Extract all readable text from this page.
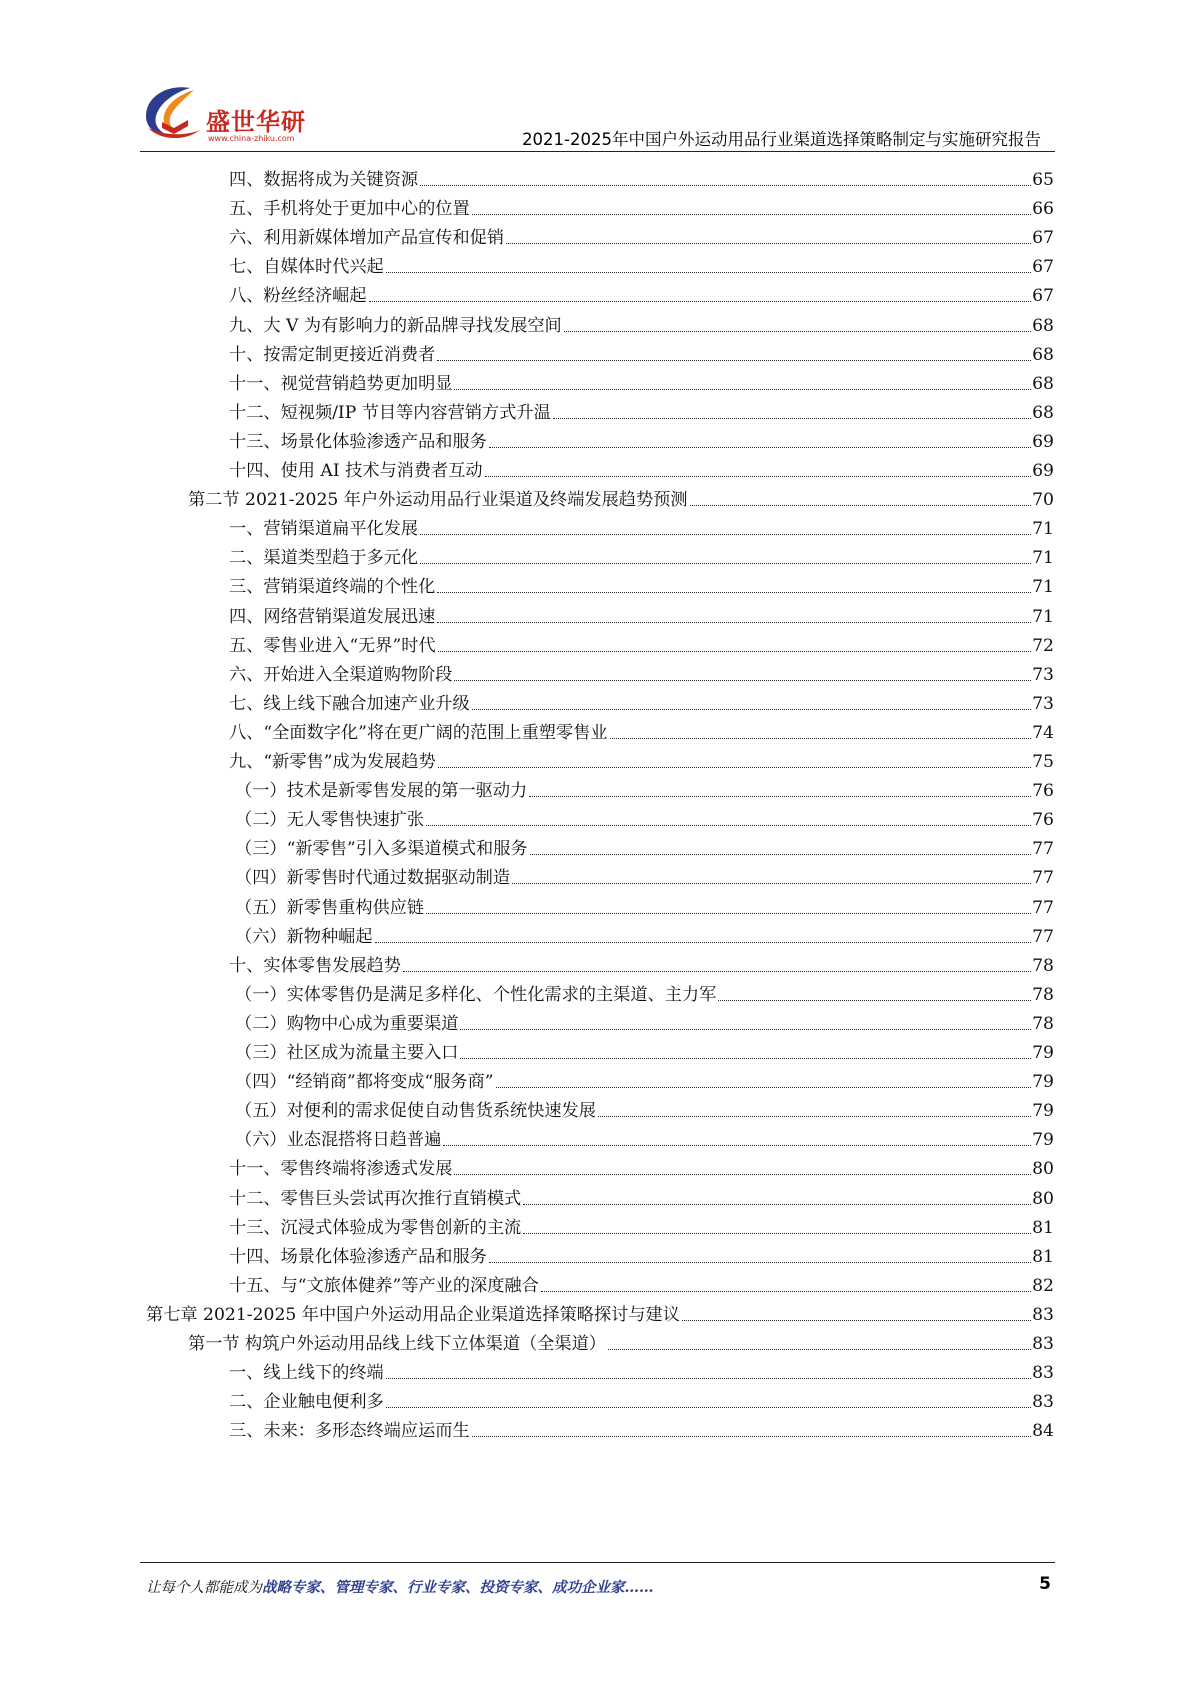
盛世华研
www.china-zhiku.com	2021-2025年中国户外运动用品行业渠道选择策略制定与实施研究报告
四、数据将成为关键资源	65
五、手机将处于更加中心的位置	66
六、利用新媒体增加产品宣传和促销	67
七、自媒体时代兴起	67
八、粉丝经济崛起	67
九、大 V 为有影响力的新品牌寻找发展空间	68
十、按需定制更接近消费者	68
十一、视觉营销趋势更加明显	68
十二、短视频/IP 节目等内容营销方式升温	68
十三、场景化体验渗透产品和服务	69
十四、使用 AI 技术与消费者互动	69
第二节 2021-2025 年户外运动用品行业渠道及终端发展趋势预测	70
一、营销渠道扁平化发展	71
二、渠道类型趋于多元化	71
三、营销渠道终端的个性化	71
四、网络营销渠道发展迅速	71
五、零售业进入“无界”时代	72
六、开始进入全渠道购物阶段	73
七、线上线下融合加速产业升级	73
八、“全面数字化”将在更广阔的范围上重塑零售业	74
九、“新零售”成为发展趋势	75
（一）技术是新零售发展的第一驱动力	76
（二）无人零售快速扩张	76
（三）“新零售”引入多渠道模式和服务	77
（四）新零售时代通过数据驱动制造	77
（五）新零售重构供应链	77
（六）新物种崛起	77
十、实体零售发展趋势	78
（一）实体零售仍是满足多样化、个性化需求的主渠道、主力军	78
（二）购物中心成为重要渠道	78
（三）社区成为流量主要入口	79
（四）“经销商”都将变成“服务商”	79
（五）对便利的需求促使自动售货系统快速发展	79
（六）业态混搭将日趋普遍	79
十一、零售终端将渗透式发展	80
十二、零售巨头尝试再次推行直销模式	80
十三、沉浸式体验成为零售创新的主流	81
十四、场景化体验渗透产品和服务	81
十五、与“文旅体健养”等产业的深度融合	82
第七章 2021-2025 年中国户外运动用品企业渠道选择策略探讨与建议	83
第一节 构筑户外运动用品线上线下立体渠道（全渠道）	83
一、线上线下的终端	83
二、企业触电便利多	83
三、未来：多形态终端应运而生	84
让每个人都能成为战略专家、管理专家、行业专家、投资专家、成功企业家……	5
